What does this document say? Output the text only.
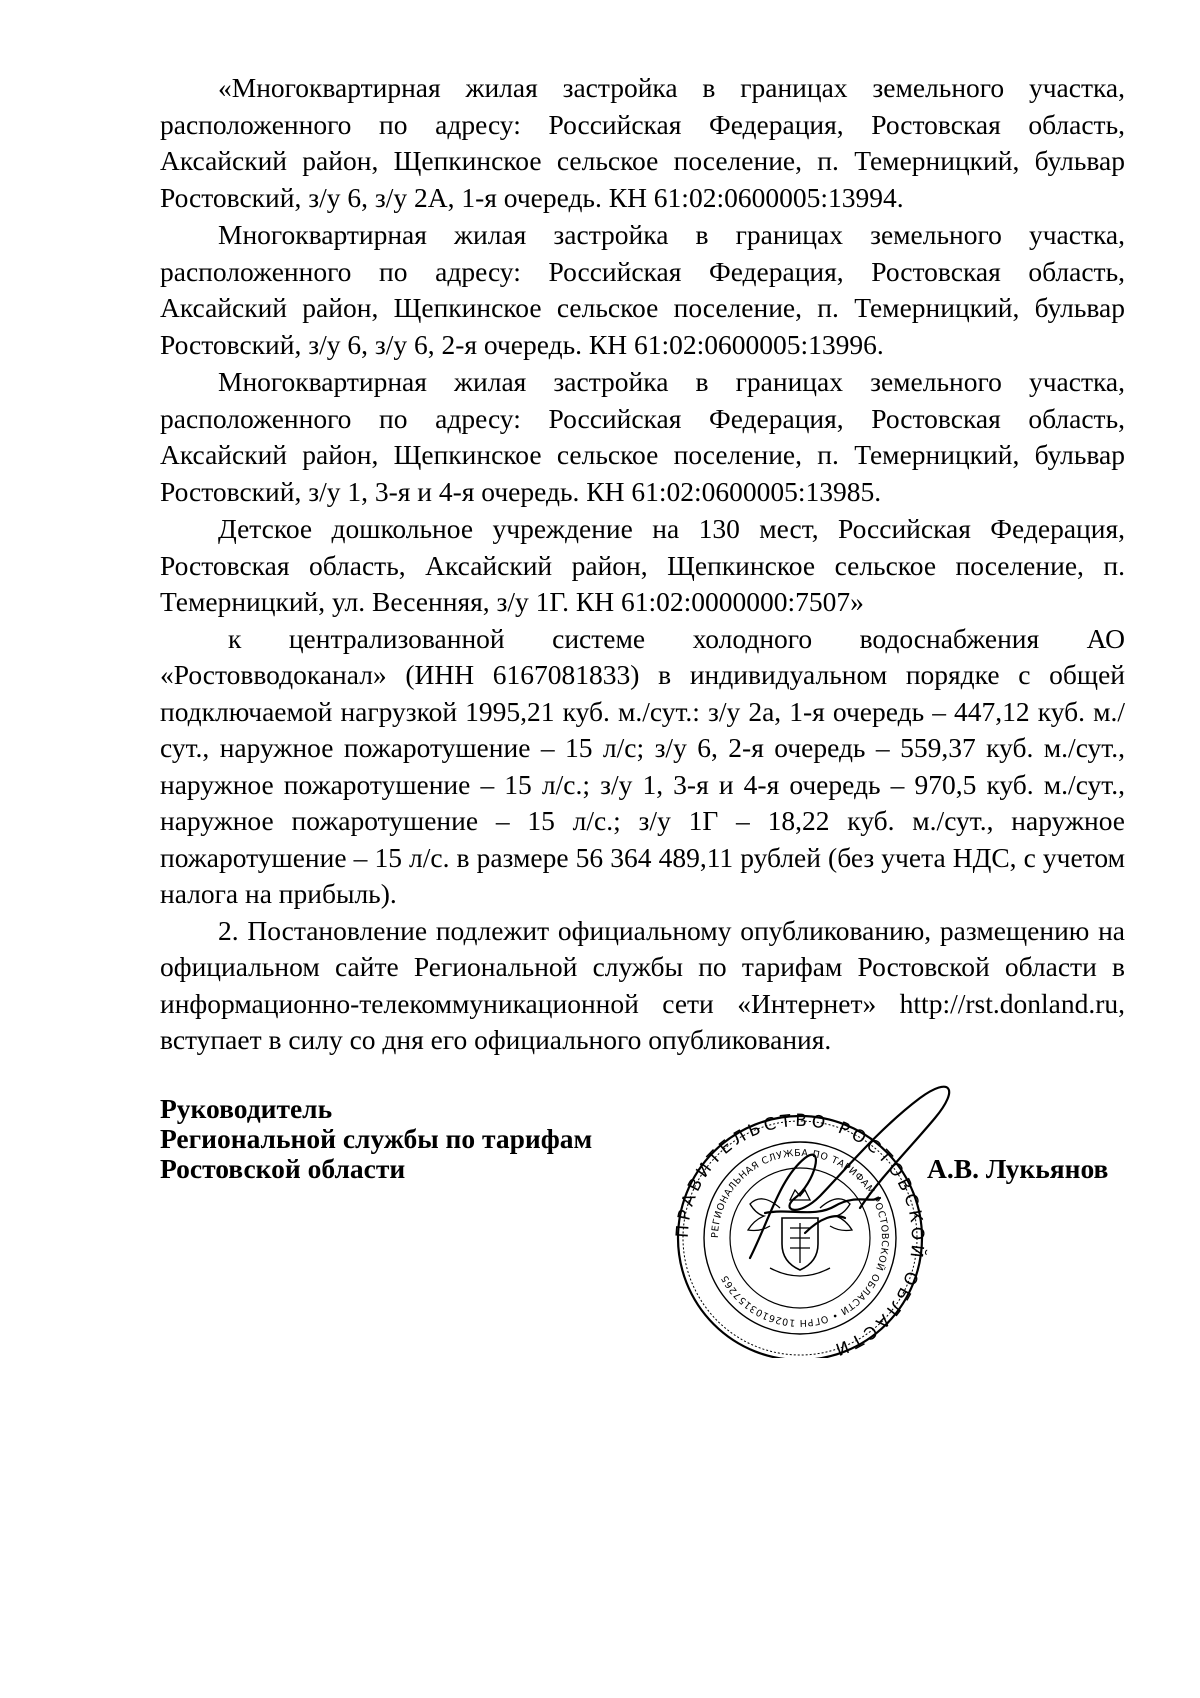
«Многоквартирная жилая застройка в границах земельного участка, расположенного по адресу: Российская Федерация, Ростовская область, Аксайский район, Щепкинское сельское поселение, п. Темерницкий, бульвар Ростовский, з/у 6, з/у 2А, 1-я очередь. КН 61:02:0600005:13994.

Многоквартирная жилая застройка в границах земельного участка, расположенного по адресу: Российская Федерация, Ростовская область, Аксайский район, Щепкинское сельское поселение, п. Темерницкий, бульвар Ростовский, з/у 6, з/у 6, 2-я очередь. КН 61:02:0600005:13996.

Многоквартирная жилая застройка в границах земельного участка, расположенного по адресу: Российская Федерация, Ростовская область, Аксайский район, Щепкинское сельское поселение, п. Темерницкий, бульвар Ростовский, з/у 1, 3-я и 4-я очередь. КН 61:02:0600005:13985.

Детское дошкольное учреждение на 130 мест, Российская Федерация, Ростовская область, Аксайский район, Щепкинское сельское поселение, п. Темерницкий, ул. Весенняя, з/у 1Г. КН 61:02:0000000:7507»

к централизованной системе холодного водоснабжения АО «Ростовводоканал» (ИНН 6167081833) в индивидуальном порядке с общей подключаемой нагрузкой 1995,21 куб. м./сут.: з/у 2а, 1-я очередь – 447,12 куб. м./сут., наружное пожаротушение – 15 л/с; з/у 6, 2-я очередь – 559,37 куб. м./сут., наружное пожаротушение – 15 л/с.; з/у 1, 3-я и 4-я очередь – 970,5 куб. м./сут., наружное пожаротушение – 15 л/с.; з/у 1Г – 18,22 куб. м./сут., наружное пожаротушение – 15 л/с. в размере 56 364 489,11 рублей (без учета НДС, с учетом налога на прибыль).

2. Постановление подлежит официальному опубликованию, размещению на официальном сайте Региональной службы по тарифам Ростовской области в информационно-телекоммуникационной сети «Интернет» http://rst.donland.ru, вступает в силу со дня его официального опубликования.

Руководитель

Региональной службы по тарифам

Ростовской области

ПРАВИТЕЛЬСТВО РОСТОВСКОЙ ОБЛАСТИ
РЕГИОНАЛЬНАЯ СЛУЖБА ПО ТАРИФАМ РОСТОВСКОЙ ОБЛАСТИ • ОГРН 1026103157265
А.В. Лукьянов
